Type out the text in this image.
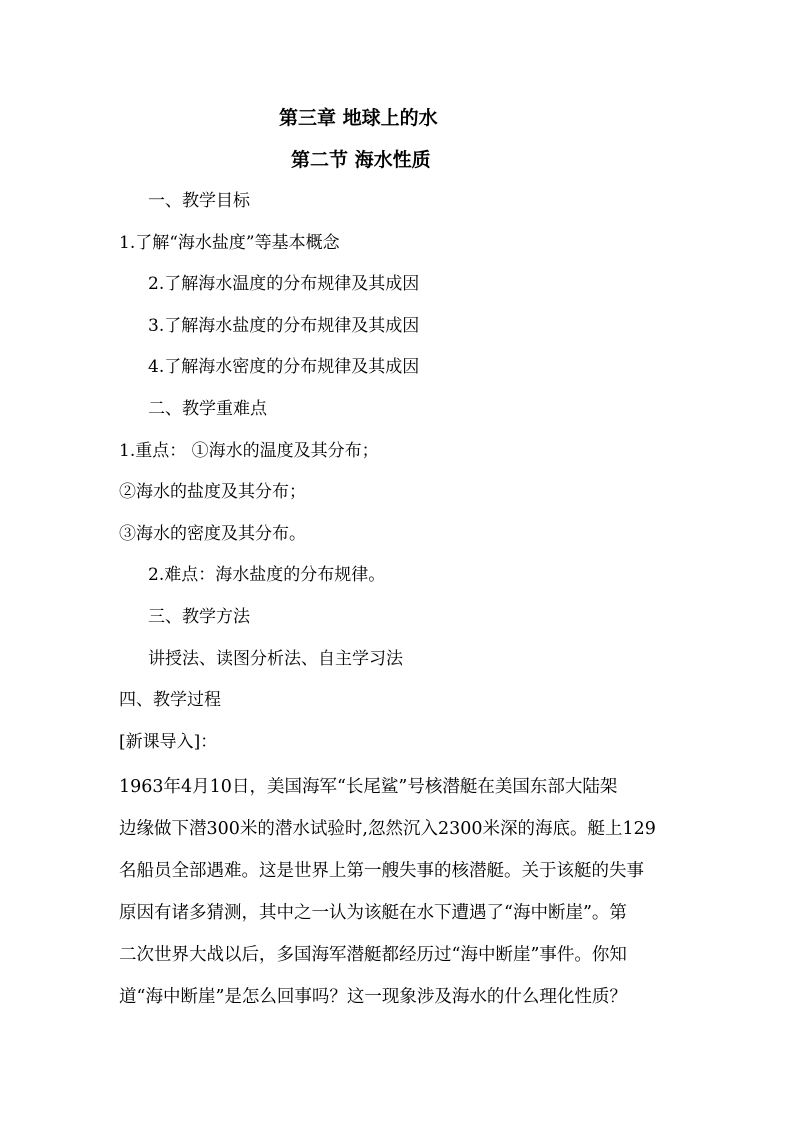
第三章 地球上的水
第二节 海水性质

一、教学目标

1.了解“海水盐度”等基本概念

2.了解海水温度的分布规律及其成因

3.了解海水盐度的分布规律及其成因

4.了解海水密度的分布规律及其成因

二、教学重难点

1.重点： ①海水的温度及其分布；

②海水的盐度及其分布；

③海水的密度及其分布。

2.难点：海水盐度的分布规律。

三、教学方法

讲授法、读图分析法、自主学习法

四、教学过程

[新课导入]：

1963年4月10日，美国海军“长尾鲨”号核潜艇在美国东部大陆架
边缘做下潜300米的潜水试验时,忽然沉入2300米深的海底。艇上129
名船员全部遇难。这是世界上第一艘失事的核潜艇。关于该艇的失事
原因有诸多猜测，其中之一认为该艇在水下遭遇了“海中断崖”。第
二次世界大战以后，多国海军潜艇都经历过“海中断崖”事件。你知
道“海中断崖”是怎么回事吗？这一现象涉及海水的什么理化性质？
